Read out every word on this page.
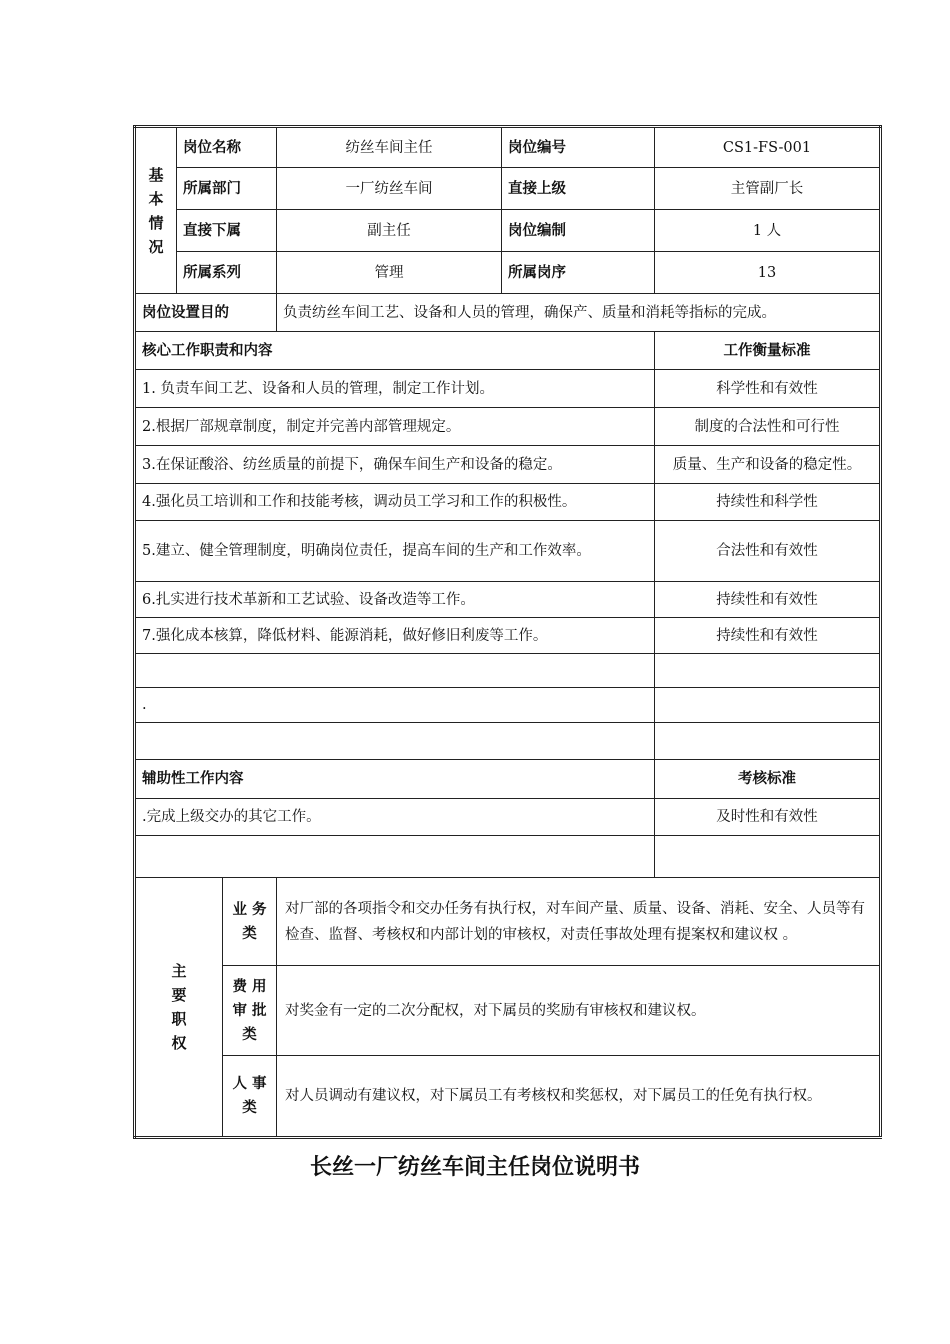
基
本
情
况	岗位名称		纺丝车间主任	岗位编号	CS1-FS-001
	所属部门		一厂纺丝车间	直接上级	主管副厂长
	直接下属		副主任	岗位编制	1 人
	所属系列		管理	所属岗序	13
岗位设置目的			负责纺丝车间工艺、设备和人员的管理，确保产、质量和消耗等指标的完成。		
核心工作职责和内容					工作衡量标准
1. 负责车间工艺、设备和人员的管理，制定工作计划。					科学性和有效性
2.根据厂部规章制度，制定并完善内部管理规定。					制度的合法性和可行性
3.在保证酸浴、纺丝质量的前提下，确保车间生产和设备的稳定。					质量、生产和设备的稳定性。
4.强化员工培训和工作和技能考核，调动员工学习和工作的积极性。					持续性和科学性
5.建立、健全管理制度，明确岗位责任，提高车间的生产和工作效率。					合法性和有效性
6.扎实进行技术革新和工艺试验、设备改造等工作。					持续性和有效性
7.强化成本核算，降低材料、能源消耗，做好修旧利废等工作。					持续性和有效性

.					

辅助性工作内容					考核标准
.完成上级交办的其它工作。					及时性和有效性

主
要
职
权		业 务
类	对厂部的各项指令和交办任务有执行权，对车间产量、质量、设备、消耗、安全、人员等有检查、监督、考核权和内部计划的审核权，对责任事故处理有提案权和建议权 。		

		费 用
审 批
类	对奖金有一定的二次分配权，对下属员的奖励有审核权和建议权。		

		人 事
类	对人员调动有建议权，对下属员工有考核权和奖惩权，对下属员工的任免有执行权。		
长丝一厂纺丝车间主任岗位说明书
